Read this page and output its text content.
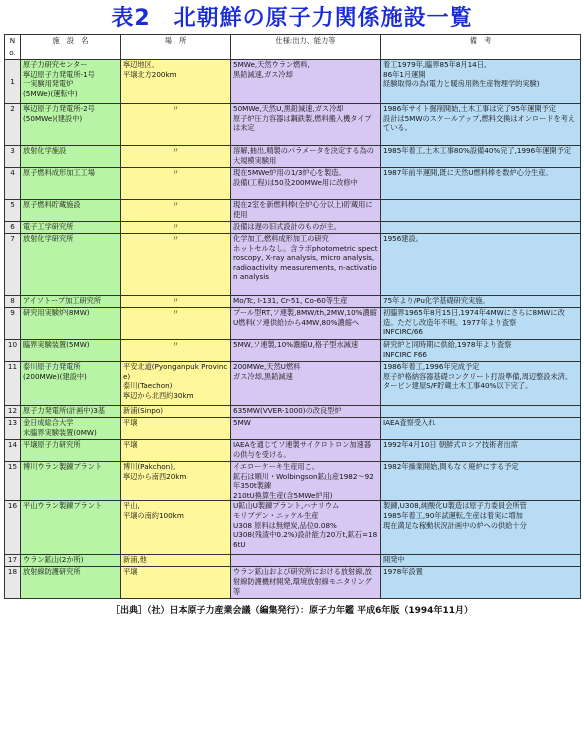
表2　北朝鮮の原子力関係施設一覧
No.	施　設　名	場　所	仕様:出力、能力等	備　考
1	原子力研究センター
寧辺原子力発電所-1号
一実験用発電炉
(5MWe)(運転中)	寧辺地区、
平壌北方200km	5MWe,天然ウラン燃料,
黒鉛減速,ガス冷却	着工1979年,臨界85年8月14日,
86年1月運開
経験取得の為(電力と暖房用熱生産物理学的実験)
2	寧辺原子力発電所-2号
(50MWe)(建設中)	〃	50MWe,天然U,黒鉛減速,ガス冷却
原子炉圧力容器は鋼鉄製,燃料搬入機タイプは未定	1986年サイト掘削開始,土木工事は完了95年運開予定
設計は5MWのスケールアップ,燃料交換はオンロードを考えている。
3	放射化学施設	〃	溶解,抽出,精製のパラメータを決定する為の大規模実験用	1985年着工,土木工事80%設備40%完了,1996年運開予定
4	原子燃料成形加工工場	〃	現在5MWe炉用の1/3炉心を製造。
設備(工程)は50及200MWe用に改修中	1987年前半運開,既に天然U燃料棒を数炉心分生産。
5	原子燃料貯蔵施設	〃	現在2室を新燃料棒(全炉心分以上)貯蔵用に使用	
6	電子工学研究所	〃	設備は遅の旧式設計のものが主。	
7	放射化学研究所	〃	化学加工,燃料成形加工の研究
ホットセルなし。含ラボphotometric spectroscopy, X-ray analysis, micro analysis, radioactivity measurements, n-activation analysis	1956建設。
8	アイソトープ加工研究所	〃	Mo/Tc, I-131, Cr-51, Co-60等生産	75年より/Pu化学基礎研究実施。
9	研究用実験炉(8MW)	〃	プール型RT,ソ連製,8MW/th,2MW,10%濃縮U燃料(ソ連供給)から4MW,80%濃縮へ	初臨界1965年8月15日,1974年4MWにさらに8MWに改造。ただし改造年不明。1977年より査察
INFCIRC/66
10	臨界実験装置(5MW)	〃	5MW,ソ連製,10%濃縮U,格子型水減速	研究炉と同時期に供給,1978年より査察
INFCIRC F66
11	泰川原子力発電所
(200MWe)(建設中)	平安北道(Pyonganpuk Province)
泰川(Taechon)
寧辺から北西約30km	200MWe,天然U燃料
ガス冷却,黒鉛減速	1986年着工,1996年完成予定
原子炉格納容器基礎コンクリート打設準備,周辺整設未済。タービン建屋S/F貯蔵土木工事40%以下完了。
12	原子力発電所(計画中)3基	新浦(Sinpo)	635MW(VVER-1000)の改良型炉	
13	金日成総合大学
未臨界実験装置(0MW)	平壌	5MW	IAEA査察受入れ
14	平壌原子力研究所	平壌	IAEAを通じてソ連製サイクロトロン加速器の供与を受ける。	1992年4月10日 朝鮮式ロシア技術者出席
15	博川ウラン製錬プラント	博川(Pakchon),
寧辺から南西20km	イエローケーキ生産用こ。
鉱石は順川・Wolbingson鉱山産1982〜92年350t製錬
210tU換算生産(含5MWe炉用)	1982年操業開始,間もなく廃炉にする予定
16	平山ウラン製錬プラント	平山,
平壌の南約100km	U鉱山U製錬プラント,ハナリウム
モリブデン・ニッケル生産
U308 原料は無煙炭,品位0.08%
U308(残渣中0.2%)設計能力20万t,鉱石=186tU	製錬,U308,純酸化U製造は原子力委員会所管
1985年着工,90年試運転,生産は着実に増加
現在満足な稼動状況計画中の炉への供給十分
17	ウラン鉱山(2か所)	新浦,他		開発中
18	放射線防護研究所	平壌	ウラン鉱山および研究所における放射線,放射線防護機材開発,環境放射線モニタリング等	1978年設置
［出典］（社）日本原子力産業会議（編集発行）：原子力年鑑 平成6年版（1994年11月）
